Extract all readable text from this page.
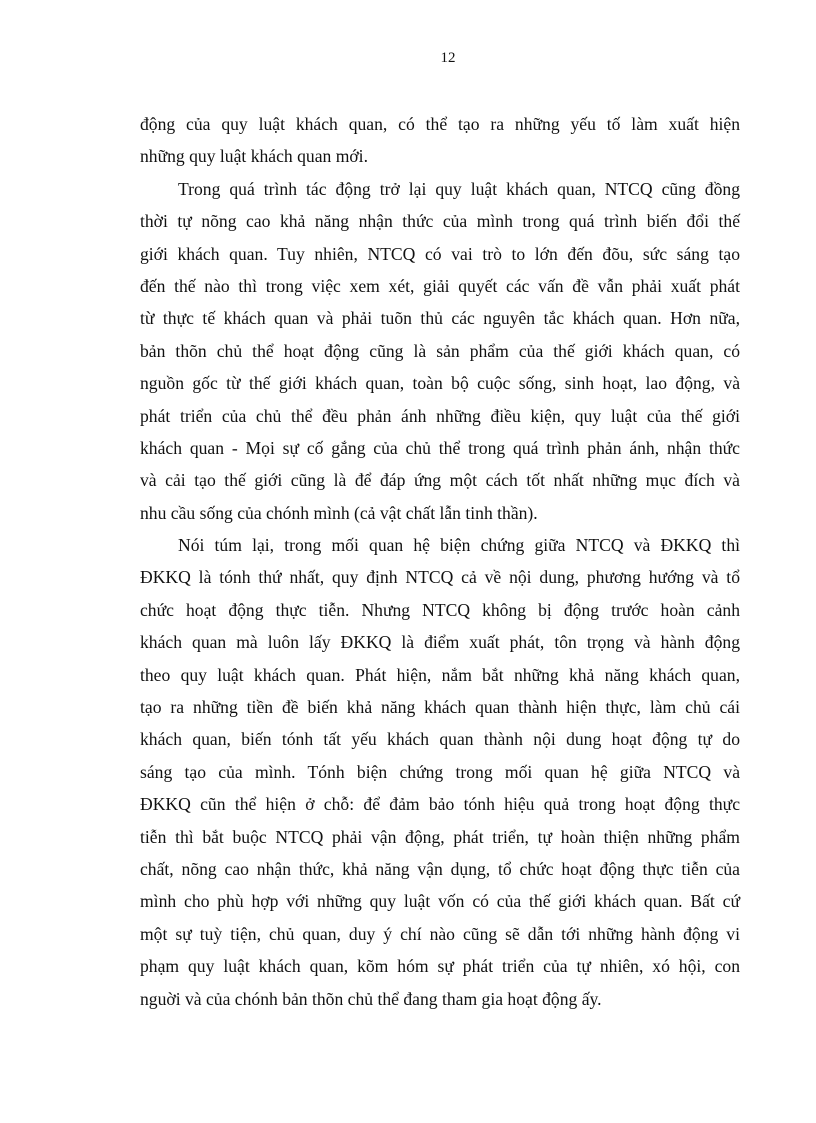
12
động của quy luật khách quan, có thể tạo ra những yếu tố làm xuất hiện
những quy luật khách quan mới.
Trong quá trình tác động trở lại quy luật khách quan, NTCQ cũng đồng
thời tự nõng cao khả năng nhận thức của mình trong quá trình biến đổi thế
giới khách quan. Tuy nhiên, NTCQ có vai trò to lớn đến đõu, sức sáng tạo
đến thế nào thì trong việc xem xét, giải quyết các vấn đề vẫn phải xuất phát
từ thực tế khách quan và phải tuõn thủ các nguyên tắc khách quan. Hơn nữa,
bản thõn chủ thể hoạt động cũng là sản phẩm của thế giới khách quan, có
nguồn gốc từ thế giới khách quan, toàn bộ cuộc sống, sinh hoạt, lao động, và
phát triển của chủ thể đều phản ánh những điều kiện, quy luật của thế giới
khách quan - Mọi sự cố gắng của chủ thể trong quá trình phản ánh, nhận thức
và cải tạo thế giới cũng là để đáp ứng một cách tốt nhất những mục đích và
nhu cầu sống của chónh mình (cả vật chất lẫn tinh thần).
Nói túm lại, trong mối quan hệ biện chứng giữa NTCQ và ĐKKQ thì
ĐKKQ là tónh thứ nhất, quy định NTCQ cả về nội dung, phương hướng và tổ
chức hoạt động thực tiễn. Nhưng NTCQ không bị động trước hoàn cảnh
khách quan mà luôn lấy ĐKKQ là điểm xuất phát, tôn trọng và hành động
theo quy luật khách quan. Phát hiện, nắm bắt những khả năng khách quan,
tạo ra những tiền đề biến khả năng khách quan thành hiện thực, làm chủ cái
khách quan, biến tónh tất yếu khách quan thành nội dung hoạt động tự do
sáng tạo của mình. Tónh biện chứng trong mối quan hệ giữa NTCQ và
ĐKKQ cũn thể hiện ở chỗ: để đảm bảo tónh hiệu quả trong hoạt động thực
tiễn thì bắt buộc NTCQ phải vận động, phát triển, tự hoàn thiện những phẩm
chất, nõng cao nhận thức, khả năng vận dụng, tổ chức hoạt động thực tiễn của
mình cho phù hợp với những quy luật vốn có của thế giới khách quan. Bất cứ
một sự tuỳ tiện, chủ quan, duy ý chí nào cũng sẽ dẫn tới những hành động vi
phạm quy luật khách quan, kõm hóm sự phát triển của tự nhiên, xó hội, con
nguời và của chónh bản thõn chủ thể đang tham gia hoạt động ấy.
